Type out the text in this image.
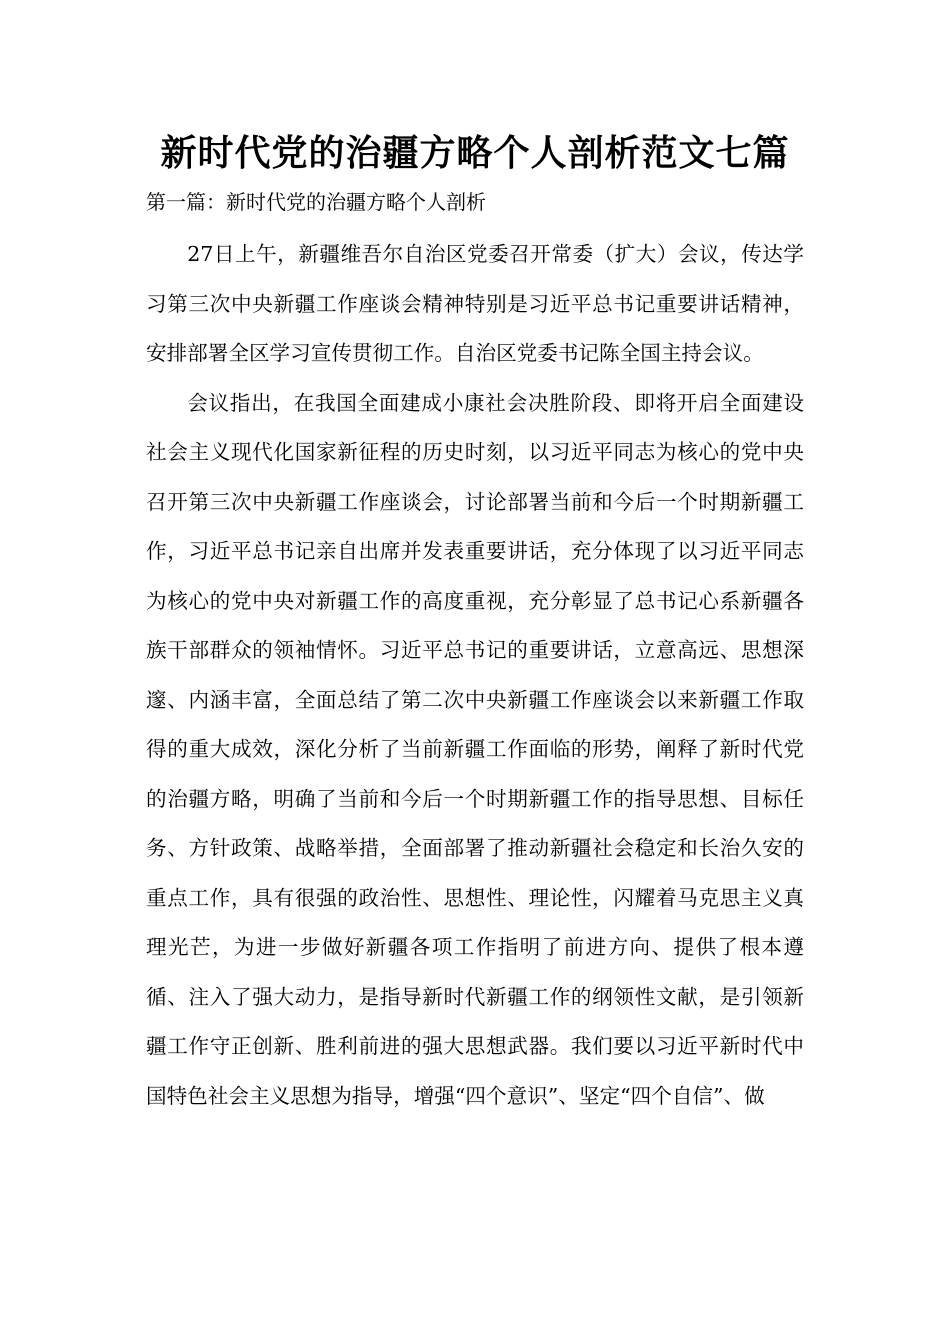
新时代党的治疆方略个人剖析范文七篇
第一篇：新时代党的治疆方略个人剖析

27日上午，新疆维吾尔自治区党委召开常委（扩大）会议，传达学习第三次中央新疆工作座谈会精神特别是习近平总书记重要讲话精神，安排部署全区学习宣传贯彻工作。自治区党委书记陈全国主持会议。

会议指出，在我国全面建成小康社会决胜阶段、即将开启全面建设社会主义现代化国家新征程的历史时刻，以习近平同志为核心的党中央召开第三次中央新疆工作座谈会，讨论部署当前和今后一个时期新疆工作，习近平总书记亲自出席并发表重要讲话，充分体现了以习近平同志为核心的党中央对新疆工作的高度重视，充分彰显了总书记心系新疆各族干部群众的领袖情怀。习近平总书记的重要讲话，立意高远、思想深邃、内涵丰富，全面总结了第二次中央新疆工作座谈会以来新疆工作取得的重大成效，深化分析了当前新疆工作面临的形势，阐释了新时代党的治疆方略，明确了当前和今后一个时期新疆工作的指导思想、目标任务、方针政策、战略举措，全面部署了推动新疆社会稳定和长治久安的重点工作，具有很强的政治性、思想性、理论性，闪耀着马克思主义真理光芒，为进一步做好新疆各项工作指明了前进方向、提供了根本遵循、注入了强大动力，是指导新时代新疆工作的纲领性文献，是引领新疆工作守正创新、胜利前进的强大思想武器。我们要以习近平新时代中国特色社会主义思想为指导，增强“四个意识”、坚定“四个自信”、做
